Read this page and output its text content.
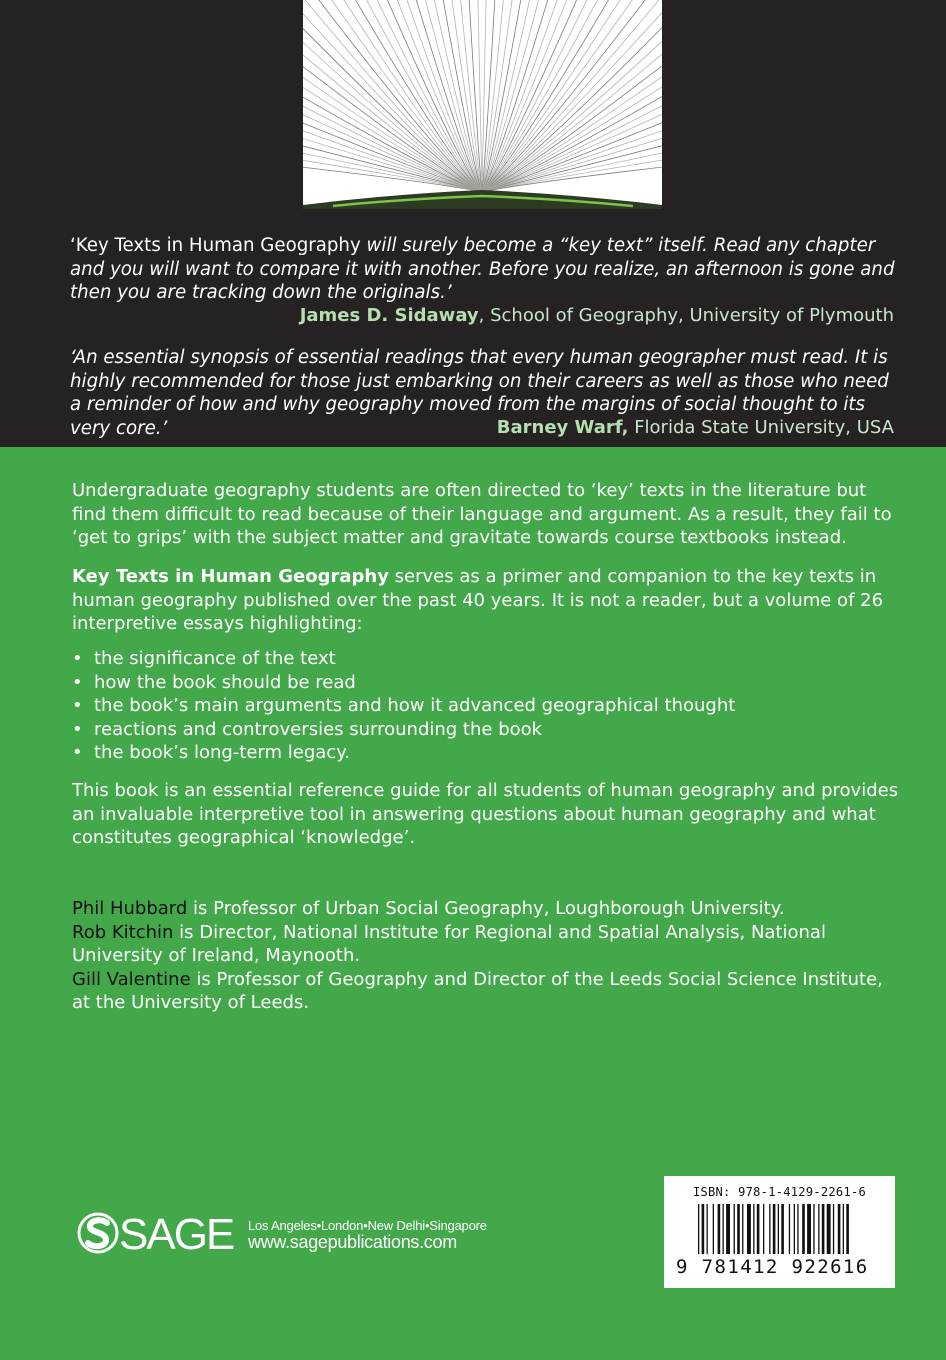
‘Key Texts in Human Geography will surely become a “key text” itself. Read any chapter and you will want to compare it with another. Before you realize, an afternoon is gone and then you are tracking down the originals.’

James D. Sidaway, School of Geography, University of Plymouth

‘An essential synopsis of essential readings that every human geographer must read. It is highly recommended for those just embarking on their careers as well as those who need a reminder of how and why geography moved from the margins of social thought to its very core.’	Barney Warf, Florida State University, USA

Undergraduate geography students are often directed to ‘key’ texts in the literature but find them difficult to read because of their language and argument. As a result, they fail to ‘get to grips’ with the subject matter and gravitate towards course textbooks instead.

Key Texts in Human Geography serves as a primer and companion to the key texts in human geography published over the past 40 years. It is not a reader, but a volume of 26 interpretive essays highlighting:

• the significance of the text
• how the book should be read
• the book’s main arguments and how it advanced geographical thought
• reactions and controversies surrounding the book
• the book’s long-term legacy.

This book is an essential reference guide for all students of human geography and provides an invaluable interpretive tool in answering questions about human geography and what constitutes geographical ‘knowledge’.

Phil Hubbard is Professor of Urban Social Geography, Loughborough University.

Rob Kitchin is Director, National Institute for Regional and Spatial Analysis, National University of Ireland, Maynooth.

Gill Valentine is Professor of Geography and Director of the Leeds Social Science Institute, at the University of Leeds.

SAGE Los Angeles•London•New Delhi•Singapore
www.sagepublications.com
ISBN: 978-1-4129-2261-6
9 781412 922616
